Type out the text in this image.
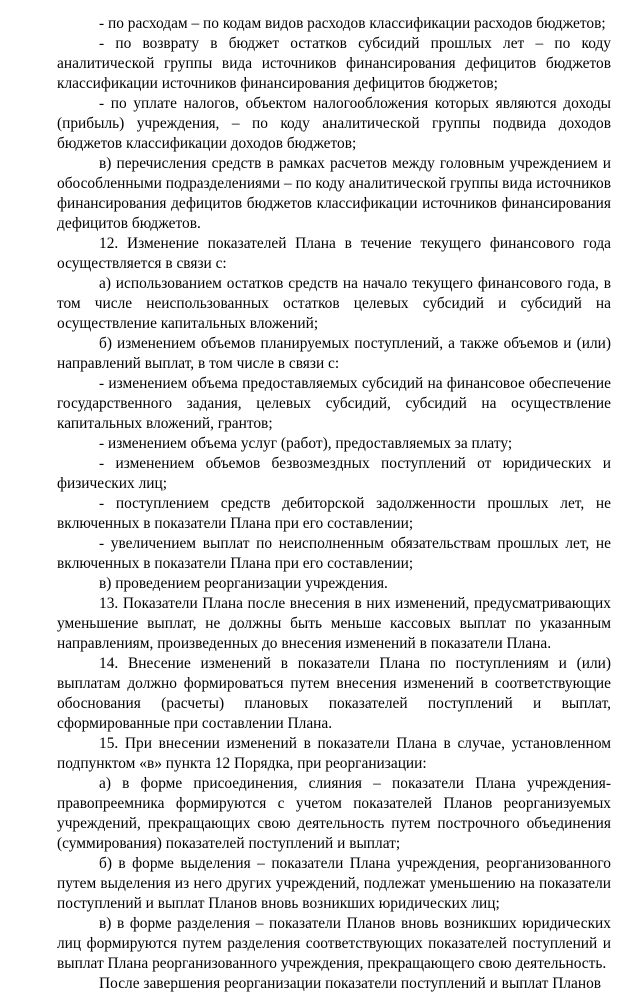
- по расходам – по кодам видов расходов классификации расходов бюджетов;

- по возврату в бюджет остатков субсидий прошлых лет – по коду аналитической группы вида источников финансирования дефицитов бюджетов классификации источников финансирования дефицитов бюджетов;

- по уплате налогов, объектом налогообложения которых являются доходы (прибыль) учреждения, – по коду аналитической группы подвида доходов бюджетов классификации доходов бюджетов;

в) перечисления средств в рамках расчетов между головным учреждением и обособленными подразделениями – по коду аналитической группы вида источников финансирования дефицитов бюджетов классификации источников финансирования дефицитов бюджетов.

12. Изменение показателей Плана в течение текущего финансового года осуществляется в связи с:

а) использованием остатков средств на начало текущего финансового года, в том числе неиспользованных остатков целевых субсидий и субсидий на осуществление капитальных вложений;

б) изменением объемов планируемых поступлений, а также объемов и (или) направлений выплат, в том числе в связи с:

- изменением объема предоставляемых субсидий на финансовое обеспечение государственного задания, целевых субсидий, субсидий на осуществление капитальных вложений, грантов;

- изменением объема услуг (работ), предоставляемых за плату;

- изменением объемов безвозмездных поступлений от юридических и физических лиц;

- поступлением средств дебиторской задолженности прошлых лет, не включенных в показатели Плана при его составлении;

- увеличением выплат по неисполненным обязательствам прошлых лет, не включенных в показатели Плана при его составлении;

в) проведением реорганизации учреждения.

13. Показатели Плана после внесения в них изменений, предусматривающих уменьшение выплат, не должны быть меньше кассовых выплат по указанным направлениям, произведенных до внесения изменений в показатели Плана.

14. Внесение изменений в показатели Плана по поступлениям и (или) выплатам должно формироваться путем внесения изменений в соответствующие обоснования (расчеты) плановых показателей поступлений и выплат, сформированные при составлении Плана.

15. При внесении изменений в показатели Плана в случае, установленном подпунктом «в» пункта 12 Порядка, при реорганизации:

а) в форме присоединения, слияния – показатели Плана учреждения-правопреемника формируются с учетом показателей Планов реорганизуемых учреждений, прекращающих свою деятельность путем построчного объединения (суммирования) показателей поступлений и выплат;

б) в форме выделения – показатели Плана учреждения, реорганизованного путем выделения из него других учреждений, подлежат уменьшению на показатели поступлений и выплат Планов вновь возникших юридических лиц;

в) в форме разделения – показатели Планов вновь возникших юридических лиц формируются путем разделения соответствующих показателей поступлений и выплат Плана реорганизованного учреждения, прекращающего свою деятельность.

После завершения реорганизации показатели поступлений и выплат Планов
